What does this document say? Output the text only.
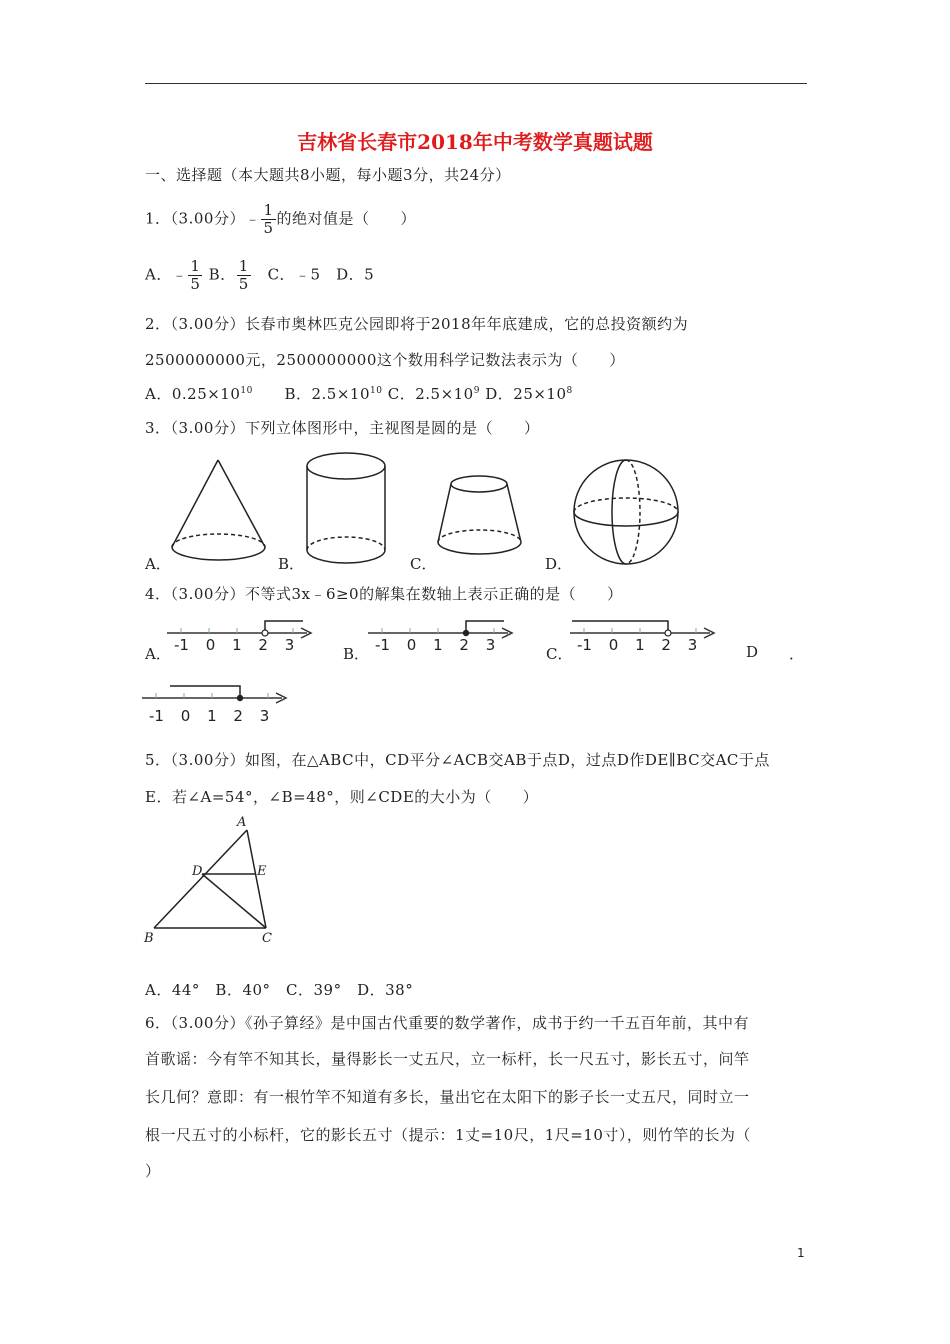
吉林省长春市2018年中考数学真题试题
一、选择题（本大题共8小题，每小题3分，共24分）
1．（3.00分）﹣ $\frac{1}{5}$ 的绝对值是（　　）
A．﹣ $\frac{1}{5}$ B． $\frac{1}{5}$ C．﹣5　D．5
2．（3.00分）长春市奥林匹克公园即将于2018年年底建成，它的总投资额约为
2500000000元，2500000000这个数用科学记数法表示为（　　）
A．$0.25\times 10^{10}$ B．$2.5\times 10^{10}$ C．$2.5\times 10^9$ D．$25\times 10^8$
3．（3.00分）下列立体图形中，主视图是圆的是（　　）
A．	B．	C．	D．
4．（3.00分）不等式3x﹣6≥0的解集在数轴上表示正确的是（　　）
A．	B．	C．	D ．
-1 0 1 2 3	-1 0 1 2 3	-1 0 1 2 3
-1 0 1 2 3
5．（3.00分）如图，在△ABC中，CD平分∠ACB交AB于点D，过点D作DE∥BC交AC于点
E．若∠A=54°，∠B=48°，则∠CDE的大小为（　　）
A
D	E
B	C
A．44°　B．40°　C．39°　D．38°
6．（3.00分）《孙子算经》是中国古代重要的数学著作，成书于约一千五百年前，其中有
首歌谣：今有竿不知其长，量得影长一丈五尺，立一标杆，长一尺五寸，影长五寸，问竿
长几何？意即：有一根竹竿不知道有多长，量出它在太阳下的影子长一丈五尺，同时立一
根一尺五寸的小标杆，它的影长五寸（提示：1丈=10尺，1尺=10寸），则竹竿的长为（
）
1
